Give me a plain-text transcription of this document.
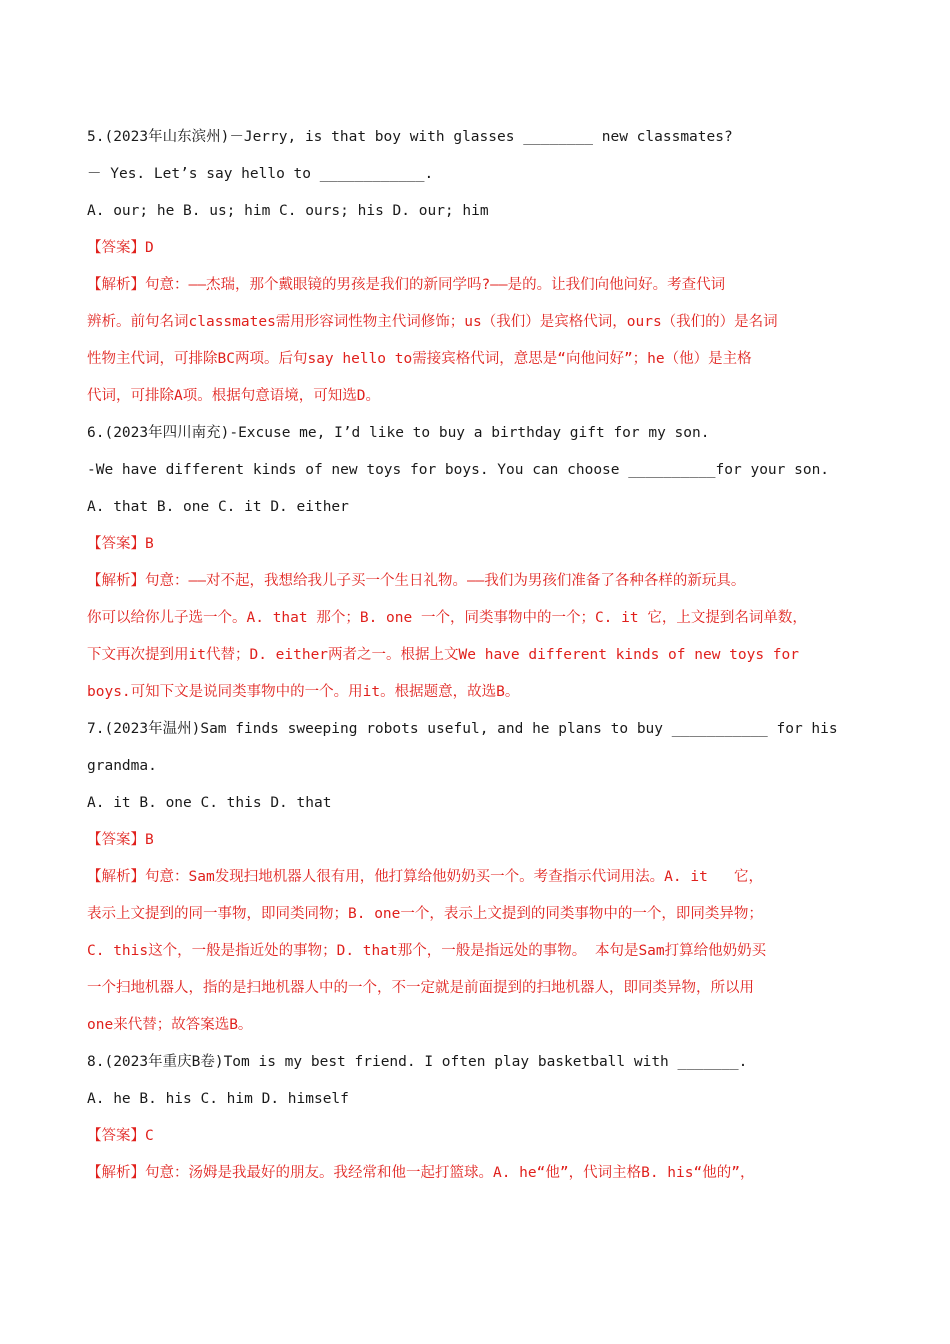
5.(2023年山东滨州)－Jerry, is that boy with glasses ________ new classmates?
－ Yes. Let’s say hello to ____________.
A. our; he B. us; him C. ours; his D. our; him
【答案】D
【解析】句意：——杰瑞，那个戴眼镜的男孩是我们的新同学吗?——是的。让我们向他问好。考查代词
辨析。前句名词classmates需用形容词性物主代词修饰；us（我们）是宾格代词，ours（我们的）是名词
性物主代词，可排除BC两项。后句say hello to需接宾格代词，意思是“向他问好”；he（他）是主格
代词，可排除A项。根据句意语境，可知选D。
6.(2023年四川南充)-Excuse me, I’d like to buy a birthday gift for my son.
-We have different kinds of new toys for boys. You can choose __________for your son.
A. that B. one C. it D. either
【答案】B
【解析】句意：——对不起，我想给我儿子买一个生日礼物。——我们为男孩们准备了各种各样的新玩具。
你可以给你儿子选一个。A. that 那个；B. one 一个，同类事物中的一个；C. it 它，上文提到名词单数，
下文再次提到用it代替；D. either两者之一。根据上文We have different kinds of new toys for
boys.可知下文是说同类事物中的一个。用it。根据题意，故选B。
7.(2023年温州)Sam finds sweeping robots useful, and he plans to buy ___________ for his
grandma.
A. it B. one C. this D. that
【答案】B
【解析】句意：Sam发现扫地机器人很有用，他打算给他奶奶买一个。考查指示代词用法。A. it   它，
表示上文提到的同一事物，即同类同物；B. one一个，表示上文提到的同类事物中的一个，即同类异物；
C. this这个，一般是指近处的事物；D. that那个，一般是指远处的事物。 本句是Sam打算给他奶奶买
一个扫地机器人，指的是扫地机器人中的一个，不一定就是前面提到的扫地机器人，即同类异物，所以用
one来代替；故答案选B。
8.(2023年重庆B卷)Tom is my best friend. I often play basketball with _______.
A. he B. his C. him D. himself
【答案】C
【解析】句意：汤姆是我最好的朋友。我经常和他一起打篮球。A. he“他”，代词主格B. his“他的”，
